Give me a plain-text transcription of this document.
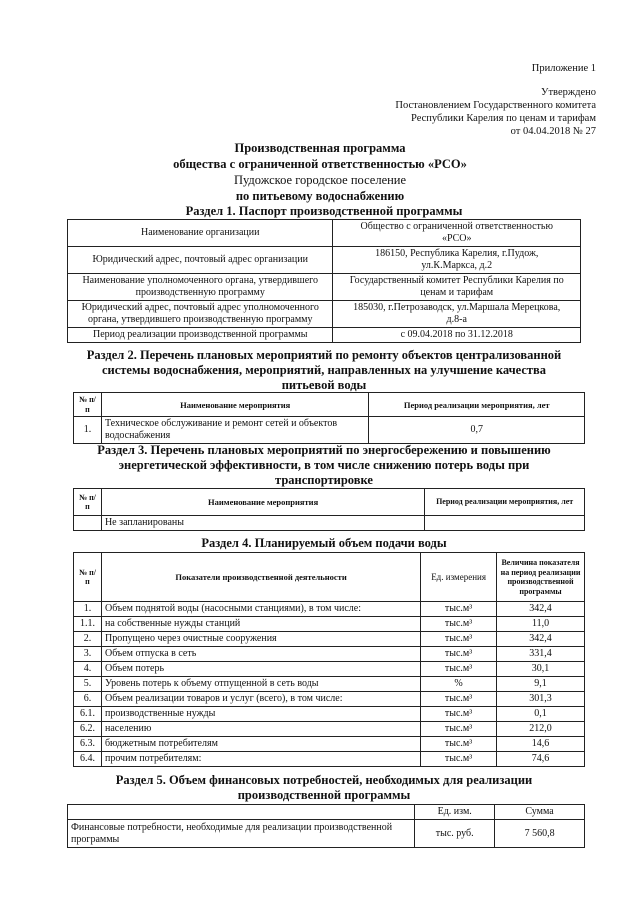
Приложение 1
Утверждено
Постановлением Государственного комитета
Республики Карелия по ценам и тарифам
от 04.04.2018 № 27
Производственная программа
общества с ограниченной ответственностью «РСО»
Пудожское городское поселение
по питьевому водоснабжению
Раздел 1. Паспорт производственной программы
Наименование организации	Общество с ограниченной ответственностью
«РСО»

Юридический адрес, почтовый адрес организации	186150, Республика Карелия, г.Пудож,
ул.К.Маркса, д.2

Наименование уполномоченного органа, утвердившего производственную программу	Государственный комитет Республики Карелия по
ценам и тарифам

Юридический адрес, почтовый адрес уполномоченного органа, утвердившего производственную программу	185030, г.Петрозаводск, ул.Маршала Мерецкова,
д.8-а

Период реализации производственной программы	с 09.04.2018 по 31.12.2018
Раздел 2. Перечень плановых мероприятий по ремонту объектов централизованной
системы водоснабжения, мероприятий, направленных на улучшение качества
питьевой воды
№ п/п	Наименование мероприятия	Период реализации мероприятия, лет
1.	Техническое обслуживание и ремонт сетей и объектов водоснабжения	0,7
Раздел 3. Перечень плановых мероприятий по энергосбережению и повышению
энергетической эффективности, в том числе снижению потерь воды при
транспортировке
№ п/п	Наименование мероприятия	Период реализации мероприятия, лет
	Не запланированы	
Раздел 4. Планируемый объем подачи воды
№ п/п	Показатели производственной деятельности	Ед. измерения	Величина показателя на период реализации производственной программы
1.	Объем поднятой воды (насосными станциями), в том числе:	тыс.м³	342,4
1.1.	на собственные нужды станций	тыс.м³	11,0
2.	Пропущено через очистные сооружения	тыс.м³	342,4
3.	Объем отпуска в сеть	тыс.м³	331,4
4.	Объем потерь	тыс.м³	30,1
5.	Уровень потерь к объему отпущенной в сеть воды	%	9,1
6.	Объем реализации товаров и услуг (всего), в том числе:	тыс.м³	301,3
6.1.	производственные нужды	тыс.м³	0,1
6.2.	населению	тыс.м³	212,0
6.3.	бюджетным потребителям	тыс.м³	14,6
6.4.	прочим потребителям:	тыс.м³	74,6
Раздел 5. Объем финансовых потребностей, необходимых для реализации
производственной программы
	Ед. изм.	Сумма
Финансовые потребности, необходимые для реализации производственной программы	тыс. руб.	7 560,8
